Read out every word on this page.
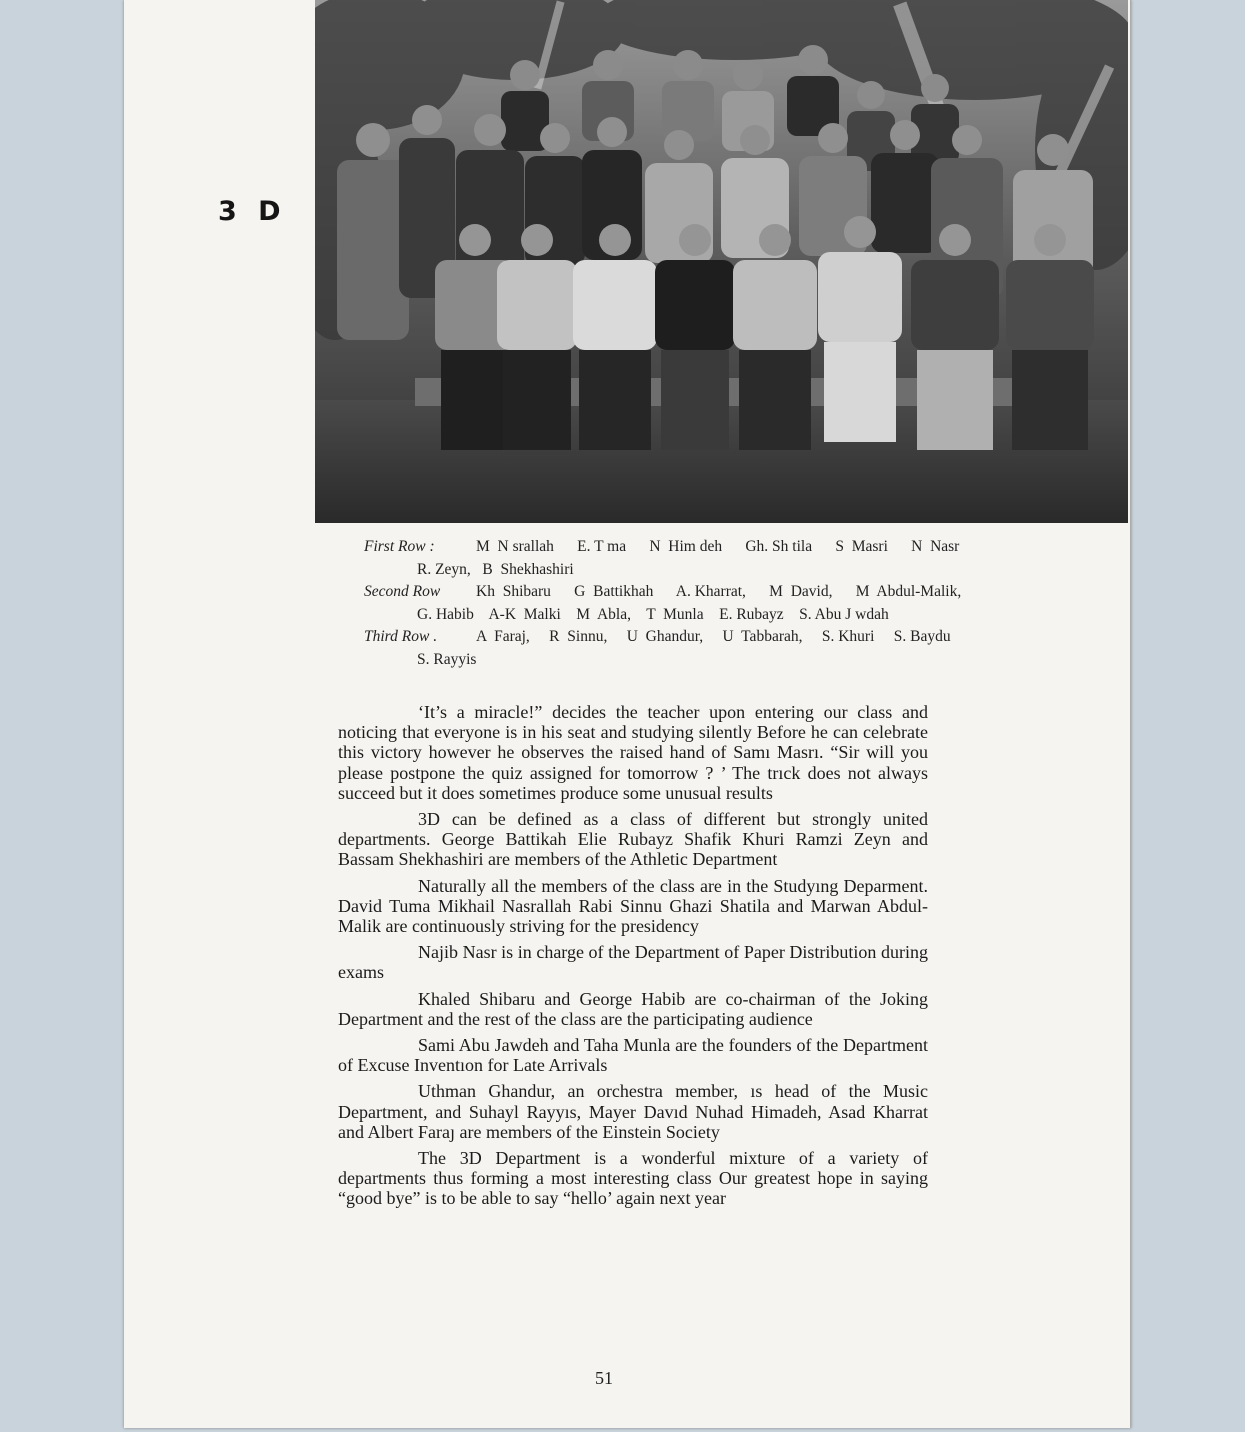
3 D
First Row :	M  N srallah      E. T ma      N  Him deh      Gh. Sh tila      S  Masri      N  Nasr
R. Zeyn,   B  Shekhashiri
Second Row Kh  Shibaru      G  Battikhah      A. Kharrat,      M  David,      M  Abdul-Malik,
G. Habib    A-K  Malki    M  Abla,    T  Munla    E. Rubayz    S. Abu J wdah
Third Row .	A  Faraj,     R  Sinnu,     U  Ghandur,     U  Tabbarah,     S. Khuri     S. Baydu
S. Rayyis

‘It’s a miracle!” decides the teacher upon entering our class and noticing that everyone is in his seat and studying silently Before he can celebrate this victory however he observes the raised hand of Samı Masrı. “Sir will you please postpone the quiz assigned for tomorrow ? ’ The trıck does not always succeed but it does sometimes produce some unusual results

3D can be defined as a class of different but strongly united departments. George Battikah Elie Rubayz Shafik Khuri Ramzi Zeyn and Bassam Shekhashiri are members of the Athletic Department

Naturally all the members of the class are in the Studyıng Deparment. David Tuma Mikhail Nasrallah Rabi Sinnu Ghazi Shatila and Marwan Abdul-Malik are continuously striving for the presidency

Najib Nasr is in charge of the Department of Paper Distribution during exams

Khaled Shibaru and George Habib are co-chairman of the Joking Department and the rest of the class are the participating audience

Sami Abu Jawdeh and Taha Munla are the founders of the Department of Excuse Inventıon for Late Arrivals

Uthman Ghandur, an orchestra member, ıs head of the Music Department, and Suhayl Rayyıs, Mayer Davıd Nuhad Himadeh, Asad Kharrat and Albert Faraȷ are members of the Einstein Society

The 3D Department is a wonderful mixture of a variety of departments thus forming a most interesting class Our greatest hope in saying “good bye” is to be able to say “hello’ again next year

51
